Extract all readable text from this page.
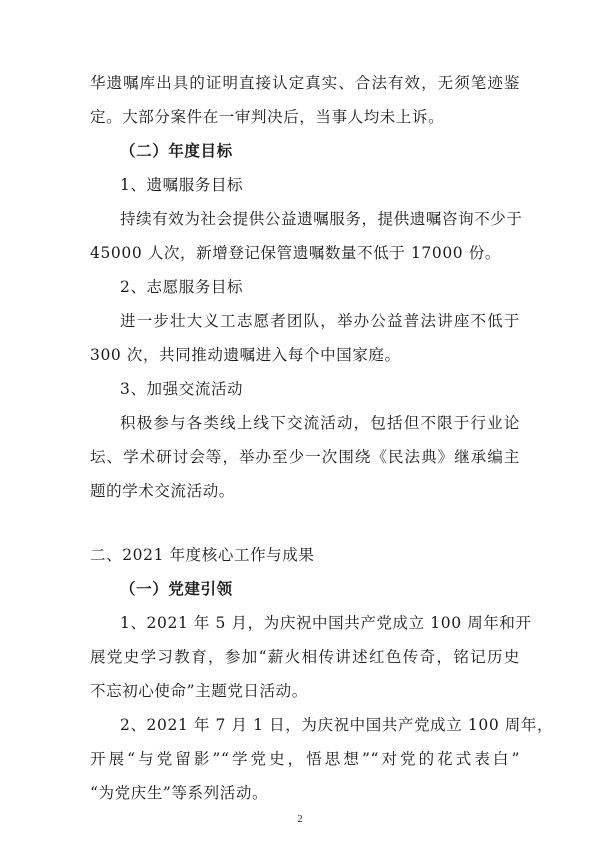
华遗嘱库出具的证明直接认定真实、合法有效，无须笔迹鉴
定。大部分案件在一审判决后，当事人均未上诉。
（二）年度目标
1、遗嘱服务目标
持续有效为社会提供公益遗嘱服务，提供遗嘱咨询不少于
45000 人次，新增登记保管遗嘱数量不低于 17000 份。
2、志愿服务目标
进一步壮大义工志愿者团队，举办公益普法讲座不低于
300 次，共同推动遗嘱进入每个中国家庭。
3、加强交流活动
积极参与各类线上线下交流活动，包括但不限于行业论
坛、学术研讨会等，举办至少一次围绕《民法典》继承编主
题的学术交流活动。
二、2021 年度核心工作与成果
（一）党建引领
1、2021 年 5 月，为庆祝中国共产党成立 100 周年和开
展党史学习教育，参加“薪火相传讲述红色传奇，铭记历史
不忘初心使命”主题党日活动。
2、2021 年 7 月 1 日，为庆祝中国共产党成立 100 周年，
开展“与党留影”“学党史，悟思想”“对党的花式表白”
“为党庆生”等系列活动。
2
